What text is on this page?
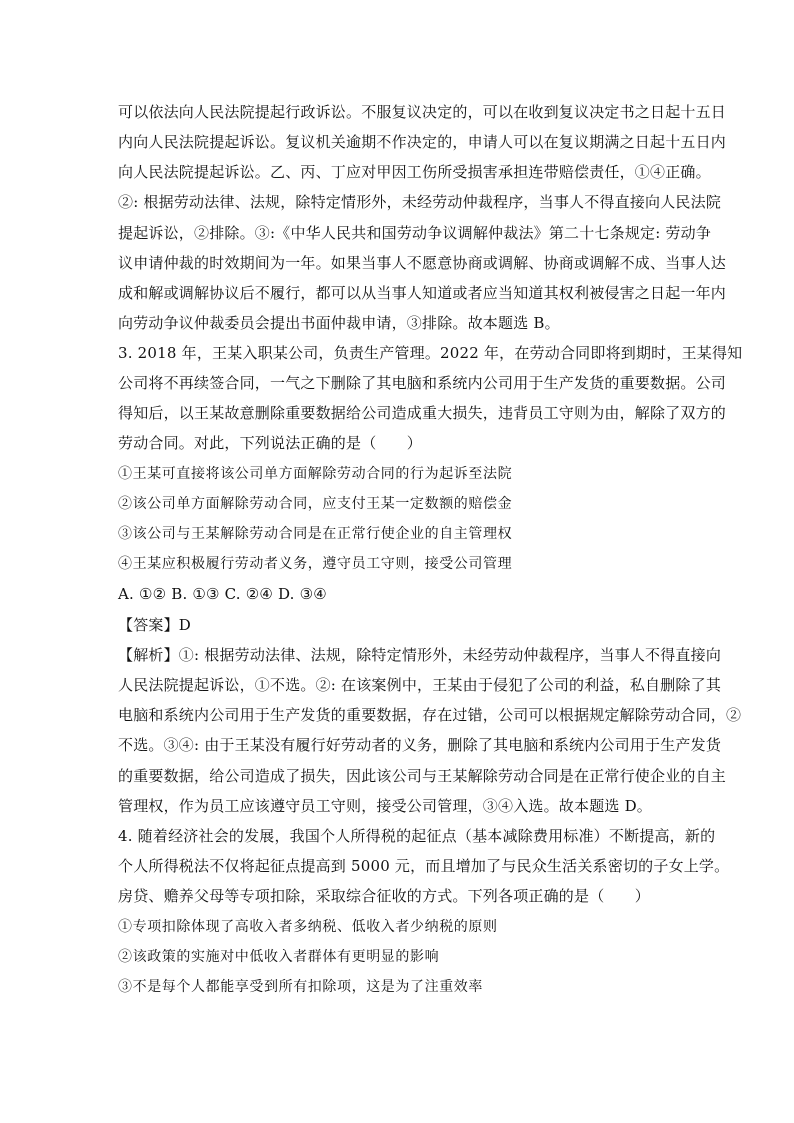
可以依法向人民法院提起行政诉讼。不服复议决定的，可以在收到复议决定书之日起十五日
内向人民法院提起诉讼。复议机关逾期不作决定的，申请人可以在复议期满之日起十五日内
向人民法院提起诉讼。乙、丙、丁应对甲因工伤所受损害承担连带赔偿责任，①④正确。
②: 根据劳动法律、法规，除特定情形外，未经劳动仲裁程序，当事人不得直接向人民法院
提起诉讼，②排除。③:《中华人民共和国劳动争议调解仲裁法》第二十七条规定: 劳动争
议申请仲裁的时效期间为一年。如果当事人不愿意协商或调解、协商或调解不成、当事人达
成和解或调解协议后不履行，都可以从当事人知道或者应当知道其权利被侵害之日起一年内
向劳动争议仲裁委员会提出书面仲裁申请，③排除。故本题选 B。
3. 2018 年，王某入职某公司，负责生产管理。2022 年，在劳动合同即将到期时，王某得知
公司将不再续签合同，一气之下删除了其电脑和系统内公司用于生产发货的重要数据。公司
得知后，以王某故意删除重要数据给公司造成重大损失，违背员工守则为由，解除了双方的
劳动合同。对此，下列说法正确的是（　　）
①王某可直接将该公司单方面解除劳动合同的行为起诉至法院
②该公司单方面解除劳动合同，应支付王某一定数额的赔偿金
③该公司与王某解除劳动合同是在正常行使企业的自主管理权
④王某应积极履行劳动者义务，遵守员工守则，接受公司管理
A. ①② B. ①③ C. ②④ D. ③④
【答案】D
【解析】①: 根据劳动法律、法规，除特定情形外，未经劳动仲裁程序，当事人不得直接向
人民法院提起诉讼，①不选。②: 在该案例中，王某由于侵犯了公司的利益，私自删除了其
电脑和系统内公司用于生产发货的重要数据，存在过错，公司可以根据规定解除劳动合同，②
不选。③④: 由于王某没有履行好劳动者的义务，删除了其电脑和系统内公司用于生产发货
的重要数据，给公司造成了损失，因此该公司与王某解除劳动合同是在正常行使企业的自主
管理权，作为员工应该遵守员工守则，接受公司管理，③④入选。故本题选 D。
4. 随着经济社会的发展，我国个人所得税的起征点（基本减除费用标准）不断提高，新的
个人所得税法不仅将起征点提高到 5000 元，而且增加了与民众生活关系密切的子女上学。
房贷、赡养父母等专项扣除，采取综合征收的方式。下列各项正确的是（　　）
①专项扣除体现了高收入者多纳税、低收入者少纳税的原则
②该政策的实施对中低收入者群体有更明显的影响
③不是每个人都能享受到所有扣除项，这是为了注重效率
